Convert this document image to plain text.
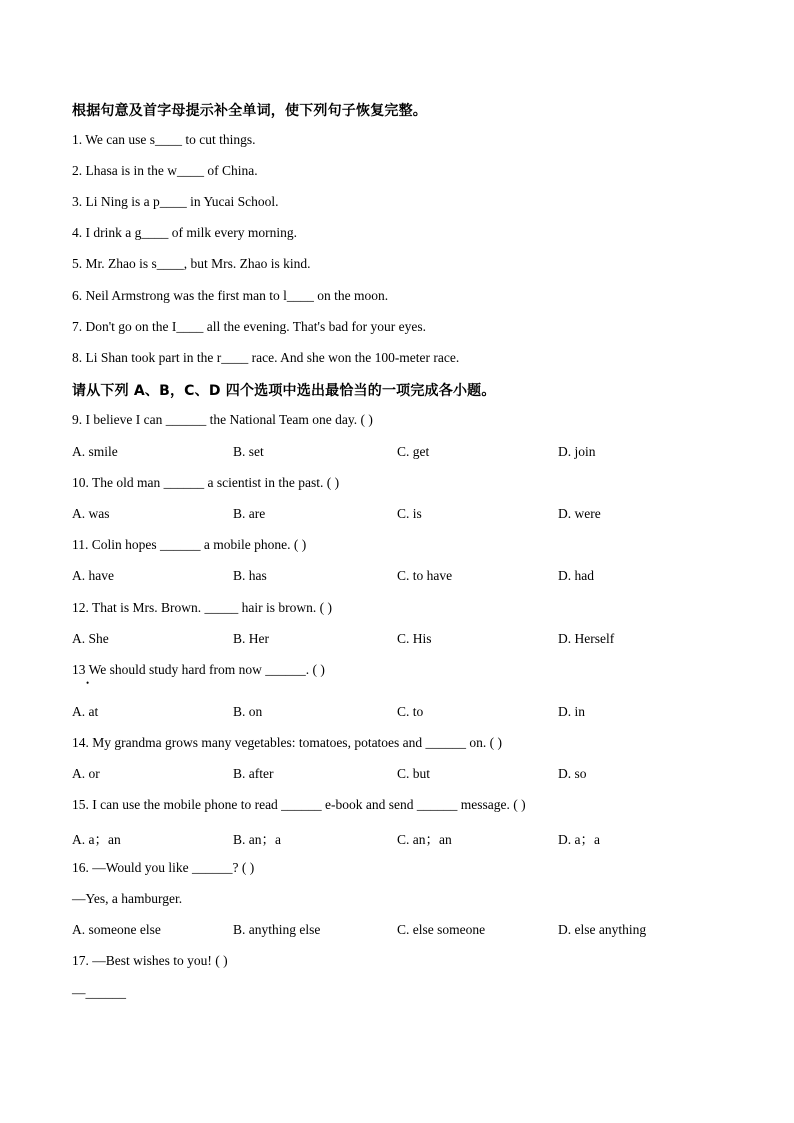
根据句意及首字母提示补全单词，使下列句子恢复完整。
1. We can use s____ to cut things.
2. Lhasa is in the w____ of China.
3. Li Ning is a p____ in Yucai School.
4. I drink a g____ of milk every morning.
5. Mr. Zhao is s____, but Mrs. Zhao is kind.
6. Neil Armstrong was the first man to l____ on the moon.
7. Don't go on the I____ all the evening. That's bad for your eyes.
8. Li Shan took part in the r____ race. And she won the 100-meter race.
请从下列 A、B，C、D 四个选项中选出最恰当的一项完成各小题。
9. I believe I can ______ the National Team one day. ( )
A. smile	B. set	C. get	D. join
10. The old man ______ a scientist in the past. ( )
A. was	B. are	C. is	D. were
11. Colin hopes ______ a mobile phone. ( )
A. have	B. has	C. to have	D. had
12. That is Mrs. Brown. _____ hair is brown. ( )
A. She	B. Her	C. His	D. Herself
13 We should study hard from now ______. ( )
•
A. at	B. on	C. to	D. in
14. My grandma grows many vegetables: tomatoes, potatoes and ______ on. ( )
A. or	B. after	C. but	D. so
15. I can use the mobile phone to read ______ e-book and send ______ message. ( )
A. a；an	B. an；a	C. an；an	D. a；a
16. —Would you like ______? ( )
—Yes, a hamburger.
A. someone else	B. anything else	C. else someone	D. else anything
17. —Best wishes to you! ( )
—______
